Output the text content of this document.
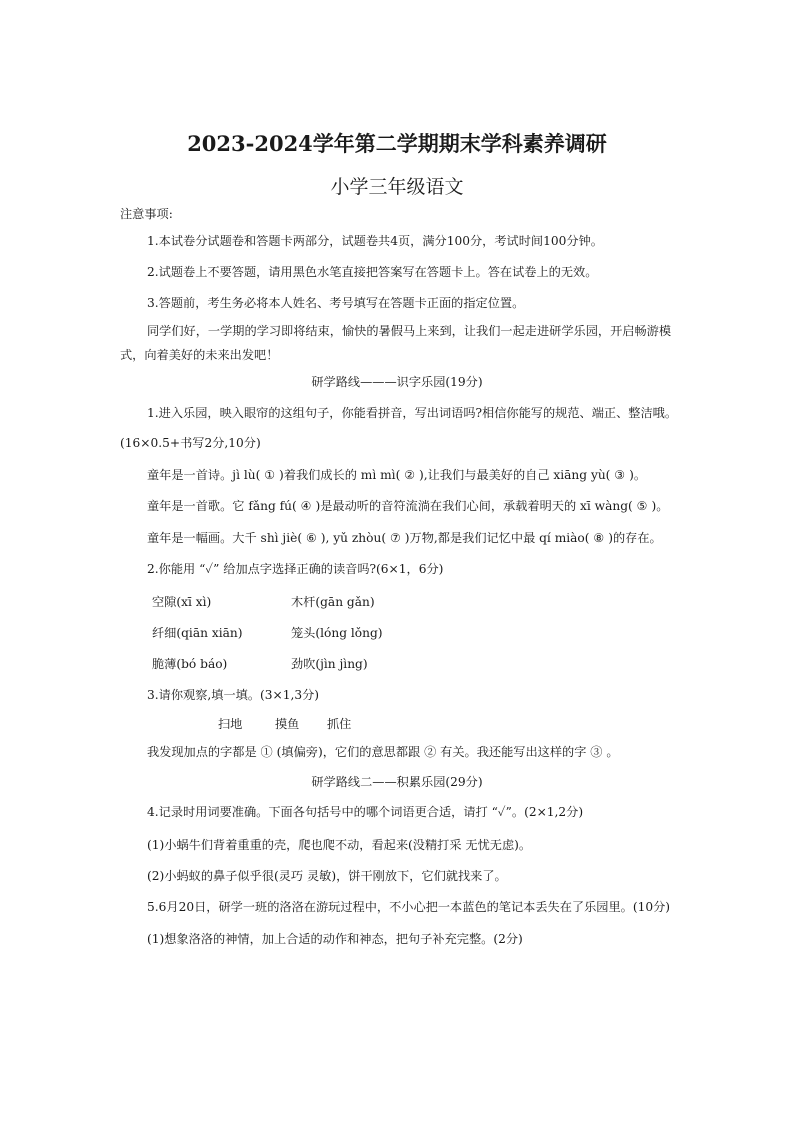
2023-2024学年第二学期期末学科素养调研
小学三年级语文
注意事项:
1.本试卷分试题卷和答题卡两部分，试题卷共4页，满分100分，考试时间100分钟。
2.试题卷上不要答题，请用黑色水笔直接把答案写在答题卡上。答在试卷上的无效。
3.答题前，考生务必将本人姓名、考号填写在答题卡正面的指定位置。
同学们好，一学期的学习即将结束，愉快的暑假马上来到，让我们一起走进研学乐园，开启畅游模
式，向着美好的未来出发吧！
研学路线———识字乐园(19分)
1.进入乐园，映入眼帘的这组句子，你能看拼音，写出词语吗?相信你能写的规范、端正、整洁哦。
(16×0.5+书写2分,10分)
童年是一首诗。jì lù( ① )着我们成长的 mì mì( ② ),让我们与最美好的自己 xiāng yù( ③ )。
童年是一首歌。它 fǎng fú( ④ )是最动听的音符流淌在我们心间，承载着明天的 xī wàng( ⑤ )。
童年是一幅画。大千 shì jiè( ⑥ ), yǔ zhòu( ⑦ )万物,都是我们记忆中最 qí miào( ⑧ )的存在。
2.你能用 “✓” 给加点字选择正确的读音吗?(6×1，6分)
空隙(xī xì)	木杆(gān gǎn)
纤细(qiān xiān)	笼头(lóng lǒng)
脆薄(bó báo)	劲吹(jìn jìng)
3.请你观察,填一填。(3×1,3分)
扫地	摸鱼 抓住
我发现加点的字都是 ① (填偏旁)，它们的意思都跟 ② 有关。我还能写出这样的字 ③ 。
研学路线二——积累乐园(29分)
4.记录时用词要准确。下面各句括号中的哪个词语更合适，请打 “✓”。(2×1,2分)
(1)小蜗牛们背着重重的壳，爬也爬不动，看起来(没精打采 无忧无虑)。
(2)小蚂蚁的鼻子似乎很(灵巧 灵敏)，饼干刚放下，它们就找来了。
5.6月20日，研学一班的洛洛在游玩过程中，不小心把一本蓝色的笔记本丢失在了乐园里。(10分)
(1)想象洛洛的神情，加上合适的动作和神态，把句子补充完整。(2分)
